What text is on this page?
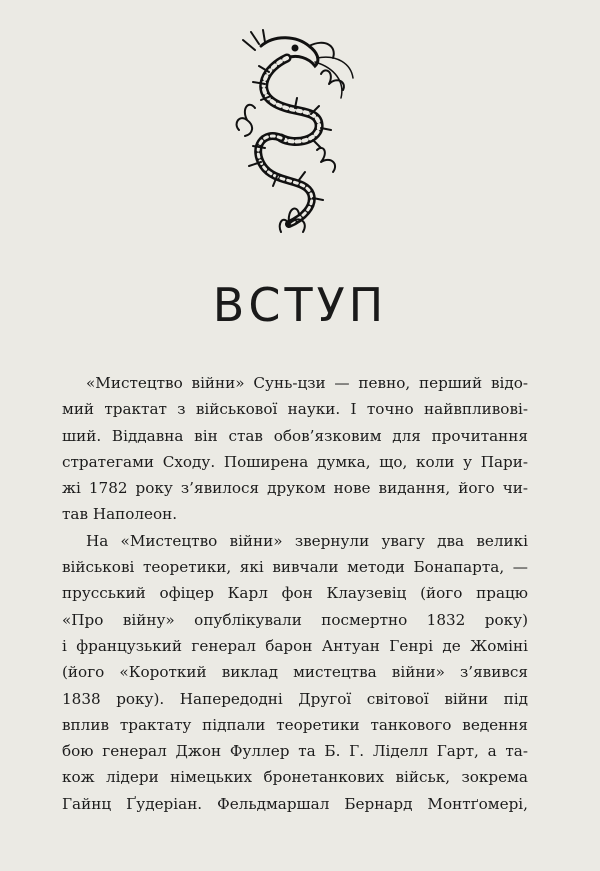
ВСТУП

«Мистецтво війни» Сунь-цзи — певно, перший відо-
мий трактат з військової науки. І точно найвпливові-
ший. Віддавна він став обов’язковим для прочитання
стратегами Сходу. Поширена думка, що, коли у Пари-
жі 1782 року з’явилося друком нове видання, його чи-
тав Наполеон.

На «Мистецтво війни» звернули увагу два великі
військові теоретики, які вивчали методи Бонапарта, —
прусський офіцер Карл фон Клаузевіц (його працю
«Про війну» опублікували посмертно 1832 року)
і французький генерал барон Антуан Генрі де Жоміні
(його «Короткий виклад мистецтва війни» з’явився
1838 року). Напередодні Другої світової війни під
вплив трактату підпали теоретики танкового ведення
бою генерал Джон Фуллер та Б. Г. Ліделл Гарт, а та-
кож лідери німецьких бронетанкових військ, зокрема
Гайнц Ґудеріан. Фельдмаршал Бернард Монтґомері,
